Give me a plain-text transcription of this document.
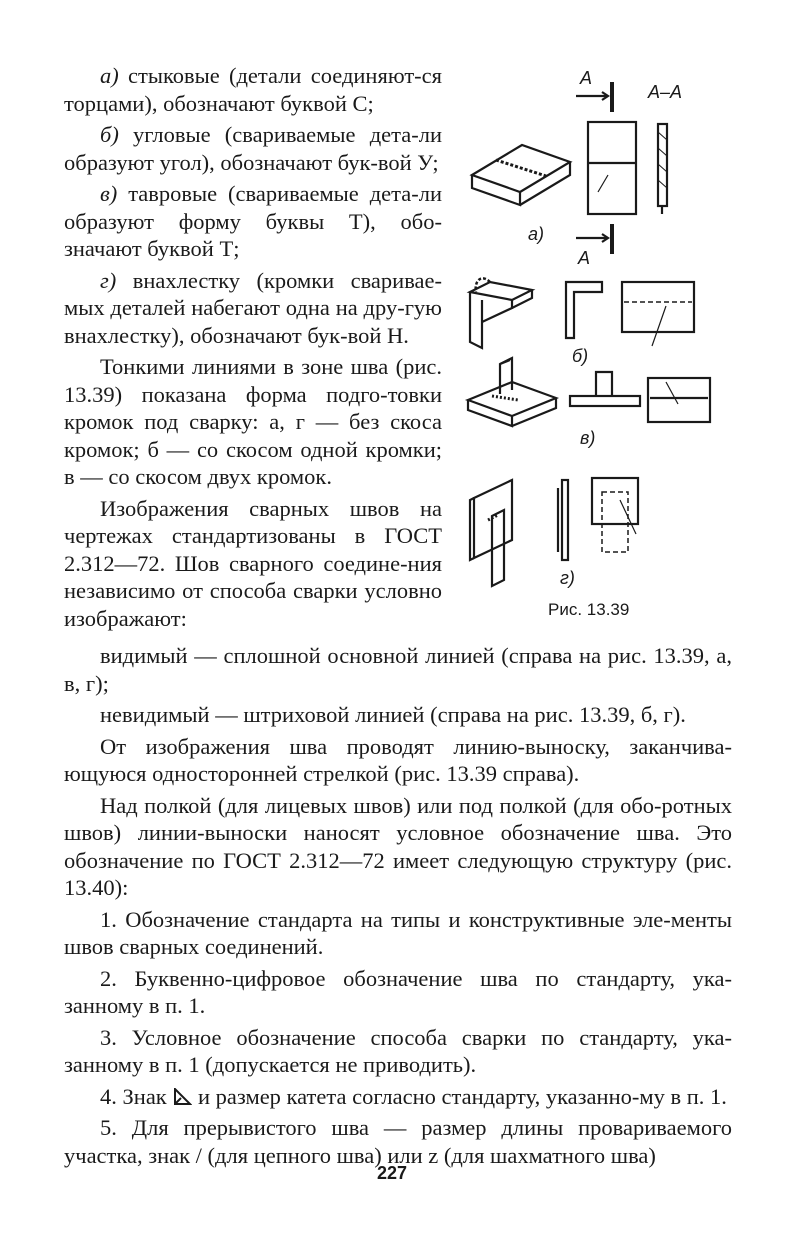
а) стыковые (детали соединяют-ся торцами), обозначают буквой С;

б) угловые (свариваемые дета-ли образуют угол), обозначают бук-вой У;

в) тавровые (свариваемые дета-ли образуют форму буквы Т), обо-значают буквой Т;

г) внахлестку (кромки сваривае-мых деталей набегают одна на дру-гую внахлестку), обозначают бук-вой Н.

Тонкими линиями в зоне шва (рис. 13.39) показана форма подго-товки кромок под сварку: а, г — без скоса кромок; б — со скосом одной кромки; в — со скосом двух кромок.

Изображения сварных швов на чертежах стандартизованы в ГОСТ 2.312—72. Шов сварного соедине-ния независимо от способа сварки условно изображают:

видимый — сплошной основной линией (справа на рис. 13.39, а, в, г);

невидимый — штриховой линией (справа на рис. 13.39, б, г).

От изображения шва проводят линию-выноску, заканчива-ющуюся односторонней стрелкой (рис. 13.39 справа).

Над полкой (для лицевых швов) или под полкой (для обо-ротных швов) линии-выноски наносят условное обозначение шва. Это обозначение по ГОСТ 2.312—72 имеет следующую структуру (рис. 13.40):

1. Обозначение стандарта на типы и конструктивные эле-менты швов сварных соединений.

2. Буквенно-цифровое обозначение шва по стандарту, ука-занному в п. 1.

3. Условное обозначение способа сварки по стандарту, ука-занному в п. 1 (допускается не приводить).

4. Знак и размер катета согласно стандарту, указанно-му в п. 1.

5. Для прерывистого шва — размер длины провариваемого участка, знак / (для цепного шва) или z (для шахматного шва)

А
А–А
а)
А
б)
в)
г)
Рис. 13.39
227
